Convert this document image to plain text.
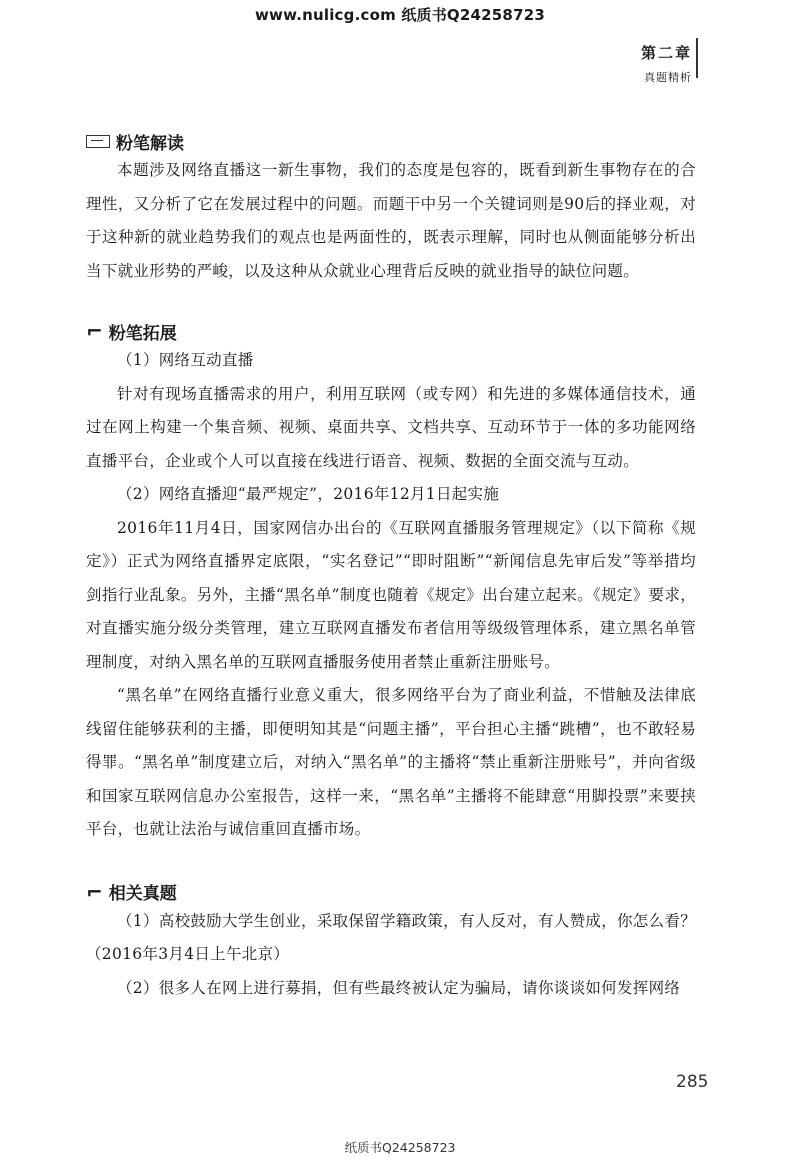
www.nulicg.com 纸质书Q24258723
第二章
真题精析
粉笔解读

本题涉及网络直播这一新生事物，我们的态度是包容的，既看到新生事物存在的合理性，又分析了它在发展过程中的问题。而题干中另一个关键词则是90后的择业观，对于这种新的就业趋势我们的观点也是两面性的，既表示理解，同时也从侧面能够分析出当下就业形势的严峻，以及这种从众就业心理背后反映的就业指导的缺位问题。

⌐ 粉笔拓展

（1）网络互动直播

针对有现场直播需求的用户，利用互联网（或专网）和先进的多媒体通信技术，通过在网上构建一个集音频、视频、桌面共享、文档共享、互动环节于一体的多功能网络直播平台，企业或个人可以直接在线进行语音、视频、数据的全面交流与互动。

（2）网络直播迎“最严规定”，2016年12月1日起实施

2016年11月4日，国家网信办出台的《互联网直播服务管理规定》（以下简称《规定》）正式为网络直播界定底限，“实名登记”“即时阻断”“新闻信息先审后发”等举措均剑指行业乱象。另外，主播“黑名单”制度也随着《规定》出台建立起来。《规定》要求，对直播实施分级分类管理，建立互联网直播发布者信用等级级管理体系，建立黑名单管理制度，对纳入黑名单的互联网直播服务使用者禁止重新注册账号。

“黑名单”在网络直播行业意义重大，很多网络平台为了商业利益，不惜触及法律底线留住能够获利的主播，即便明知其是“问题主播”，平台担心主播“跳槽”，也不敢轻易得罪。“黑名单”制度建立后，对纳入“黑名单”的主播将“禁止重新注册账号”，并向省级和国家互联网信息办公室报告，这样一来，“黑名单”主播将不能肆意“用脚投票”来要挟平台，也就让法治与诚信重回直播市场。

⌐ 相关真题

（1）高校鼓励大学生创业，采取保留学籍政策，有人反对，有人赞成，你怎么看？（2016年3月4日上午北京）

（2）很多人在网上进行募捐，但有些最终被认定为骗局，请你谈谈如何发挥网络

285
纸质书Q24258723
